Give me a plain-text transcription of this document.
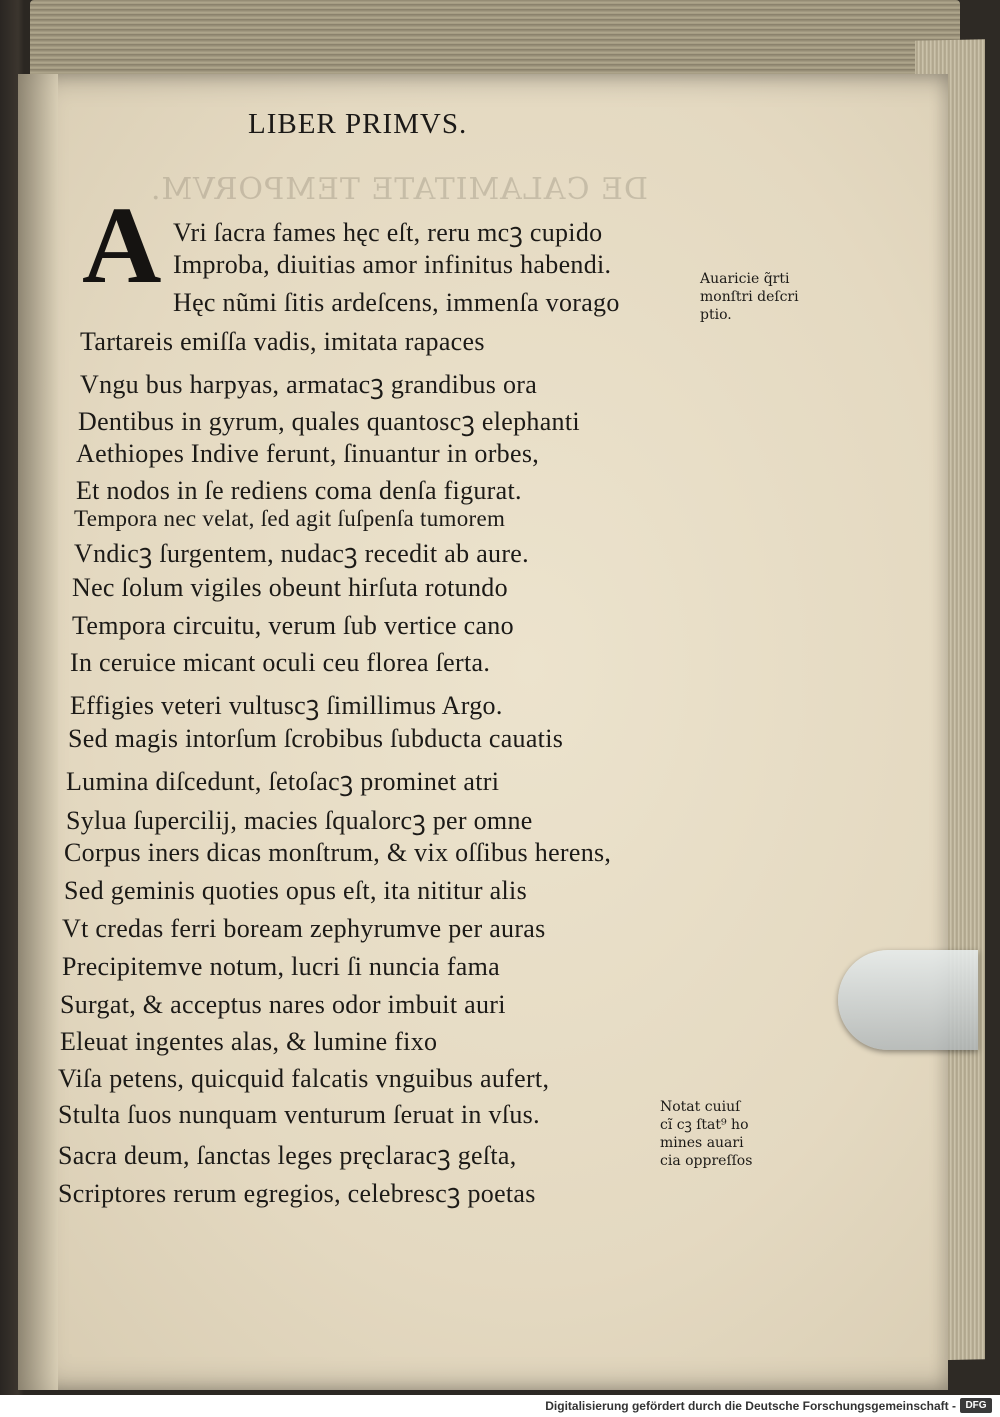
DE CALAMITATE TEMPORVM.
LIBER PRIMVS.
A Vri ſacra fames hęc eſt, reru mcꝫ cupido
Improba, diuitias amor infinitus habendi.
Hęc nũmi ſitis ardeſcens, immenſa vorago
Tartareis emiſſa vadis, imitata rapaces
Vngu bus harpyas, armatacꝫ grandibus ora
Dentibus in gyrum, quales quantoscꝫ elephanti
Aethiopes Indive ferunt, ſinuantur in orbes,
Et nodos in ſe rediens coma denſa figurat.
Tempora nec velat, ſed agit ſuſpenſa tumorem
Vndicꝫ ſurgentem, nudacꝫ recedit ab aure.
Nec ſolum vigiles obeunt hirſuta rotundo
Tempora circuitu, verum ſub vertice cano
In ceruice micant oculi ceu florea ſerta.
Effigies veteri vultuscꝫ ſimillimus Argo.
Sed magis intorſum ſcrobibus ſubducta cauatis
Lumina diſcedunt, ſetoſacꝫ prominet atri
Sylua ſupercilij, macies ſqualorcꝫ per omne
Corpus iners dicas monſtrum, & vix oſſibus herens,
Sed geminis quoties opus eſt, ita nititur alis
Vt credas ferri boream zephyrumve per auras
Precipitemve notum, lucri ſi nuncia fama
Surgat, & acceptus nares odor imbuit auri
Eleuat ingentes alas, & lumine fixo
Viſa petens, quicquid falcatis vnguibus aufert,
Stulta ſuos nunquam venturum ſeruat in vſus.
Sacra deum, ſanctas leges pręclaracꝫ geſta,
Scriptores rerum egregios, celebrescꝫ poetas
Auaricie q̃rti
monſtri deſcri
ptio.
Notat cuiuſ
cĩ cꝫ ſtat⁹ ho
mines auari
cia oppreſſos
Digitalisierung gefördert durch die Deutsche Forschungsgemeinschaft - DFG
